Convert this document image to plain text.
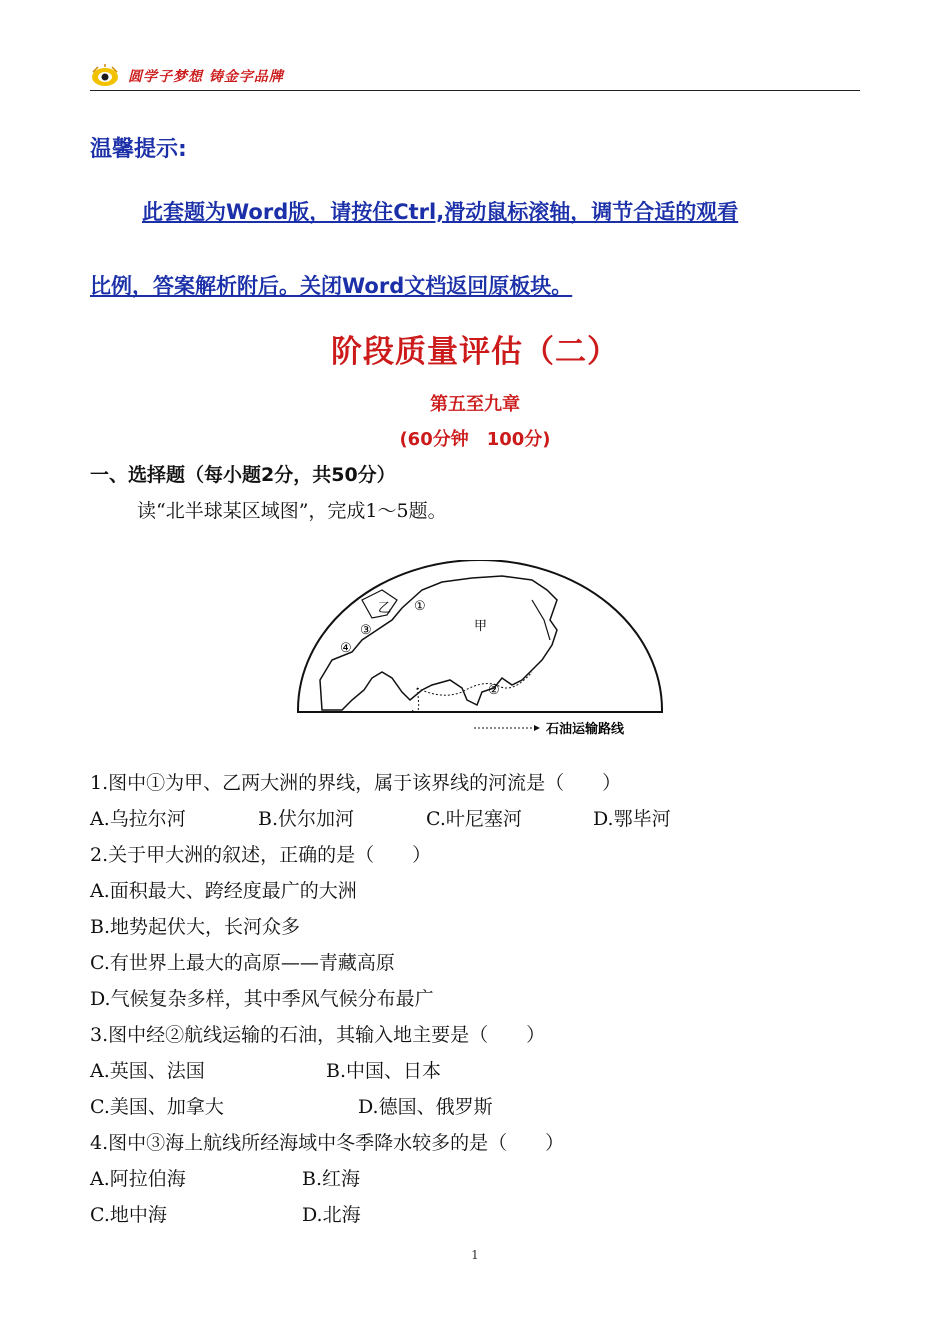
圆学子梦想 铸金字品牌
温馨提示:
此套题为Word版，请按住Ctrl,滑动鼠标滚轴，调节合适的观看
比例，答案解析附后。关闭Word文档返回原板块。
阶段质量评估（二）
第五至九章
(60分钟　100分)
一、选择题（每小题2分，共50分）
读“北半球某区域图”，完成1～5题。
乙 ①
甲
③
④
②
石油运输路线
1.图中①为甲、乙两大洲的界线，属于该界线的河流是（　　）
A.乌拉尔河	B.伏尔加河	C.叶尼塞河	D.鄂毕河
2.关于甲大洲的叙述，正确的是（　　）
A.面积最大、跨经度最广的大洲
B.地势起伏大，长河众多
C.有世界上最大的高原——青藏高原
D.气候复杂多样，其中季风气候分布最广
3.图中经②航线运输的石油，其输入地主要是（　　）
A.英国、法国	B.中国、日本
C.美国、加拿大	D.德国、俄罗斯
4.图中③海上航线所经海域中冬季降水较多的是（　　）
A.阿拉伯海	B.红海
C.地中海	D.北海
1
